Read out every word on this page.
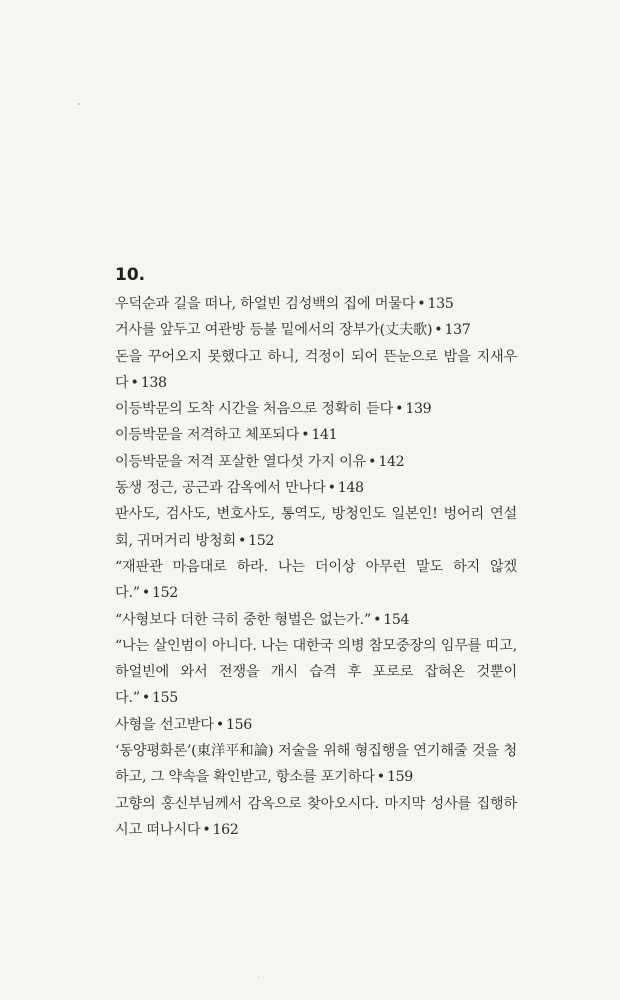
10.
우덕순과 길을 떠나, 하얼빈 김성백의 집에 머물다 • 135
거사를 앞두고 여관방 등불 밑에서의 장부가(丈夫歌) • 137
돈을 꾸어오지 못했다고 하니, 걱정이 되어 뜬눈으로 밤을 지새우다 • 138
이등박문의 도착 시간을 처음으로 정확히 듣다 • 139
이등박문을 저격하고 체포되다 • 141
이등박문을 저격 포살한 열다섯 가지 이유 • 142
동생 정근, 공근과 감옥에서 만나다 • 148
판사도, 검사도, 변호사도, 통역도, 방청인도 일본인! 벙어리 연설회, 귀머거리 방청회 • 152
“재판관 마음대로 하라. 나는 더이상 아무런 말도 하지 않겠다.” • 152
“사형보다 더한 극히 중한 형벌은 없는가.” • 154
“나는 살인범이 아니다. 나는 대한국 의병 참모중장의 임무를 띠고, 하얼빈에 와서 전쟁을 개시 습격 후 포로로 잡혀온 것뿐이다.” • 155
사형을 선고받다 • 156
‘동양평화론’(東洋平和論) 저술을 위해 형집행을 연기해줄 것을 청하고, 그 약속을 확인받고, 항소를 포기하다 • 159
고향의 홍신부님께서 감옥으로 찾아오시다. 마지막 성사를 집행하시고 떠나시다 • 162
